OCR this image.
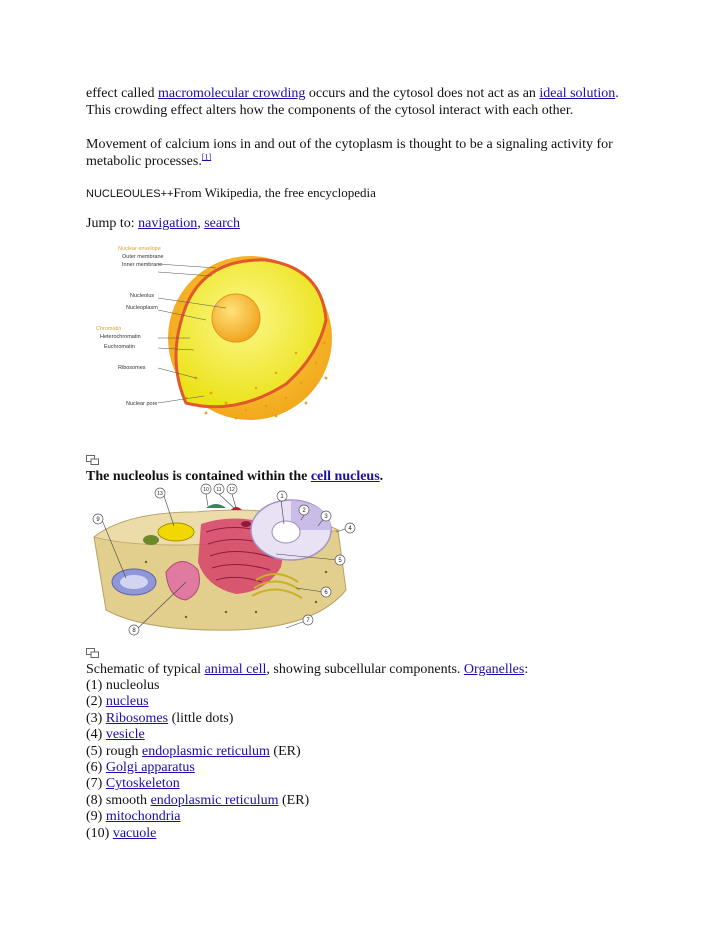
effect called macromolecular crowding occurs and the cytosol does not act as an ideal solution.
This crowding effect alters how the components of the cytosol interact with each other.

Movement of calcium ions in and out of the cytoplasm is thought to be a signaling activity for
metabolic processes.[1]

NUCLEOULES++From Wikipedia, the free encyclopedia

Jump to: navigation, search

Nuclear envelope
Outer membrane
Inner membrane
Nucleolus
Nucleoplasm
Chromatin
Heterochromatin
Euchromatin
Ribosomes
Nuclear pore

The nucleolus is contained within the cell nucleus.

1
2
3
4
5
6
7
8
9
10 11 12
13

Schematic of typical animal cell, showing subcellular components. Organelles:

(1) nucleolus

(2) nucleus

(3) Ribosomes (little dots)

(4) vesicle

(5) rough endoplasmic reticulum (ER)

(6) Golgi apparatus

(7) Cytoskeleton

(8) smooth endoplasmic reticulum (ER)

(9) mitochondria

(10) vacuole
